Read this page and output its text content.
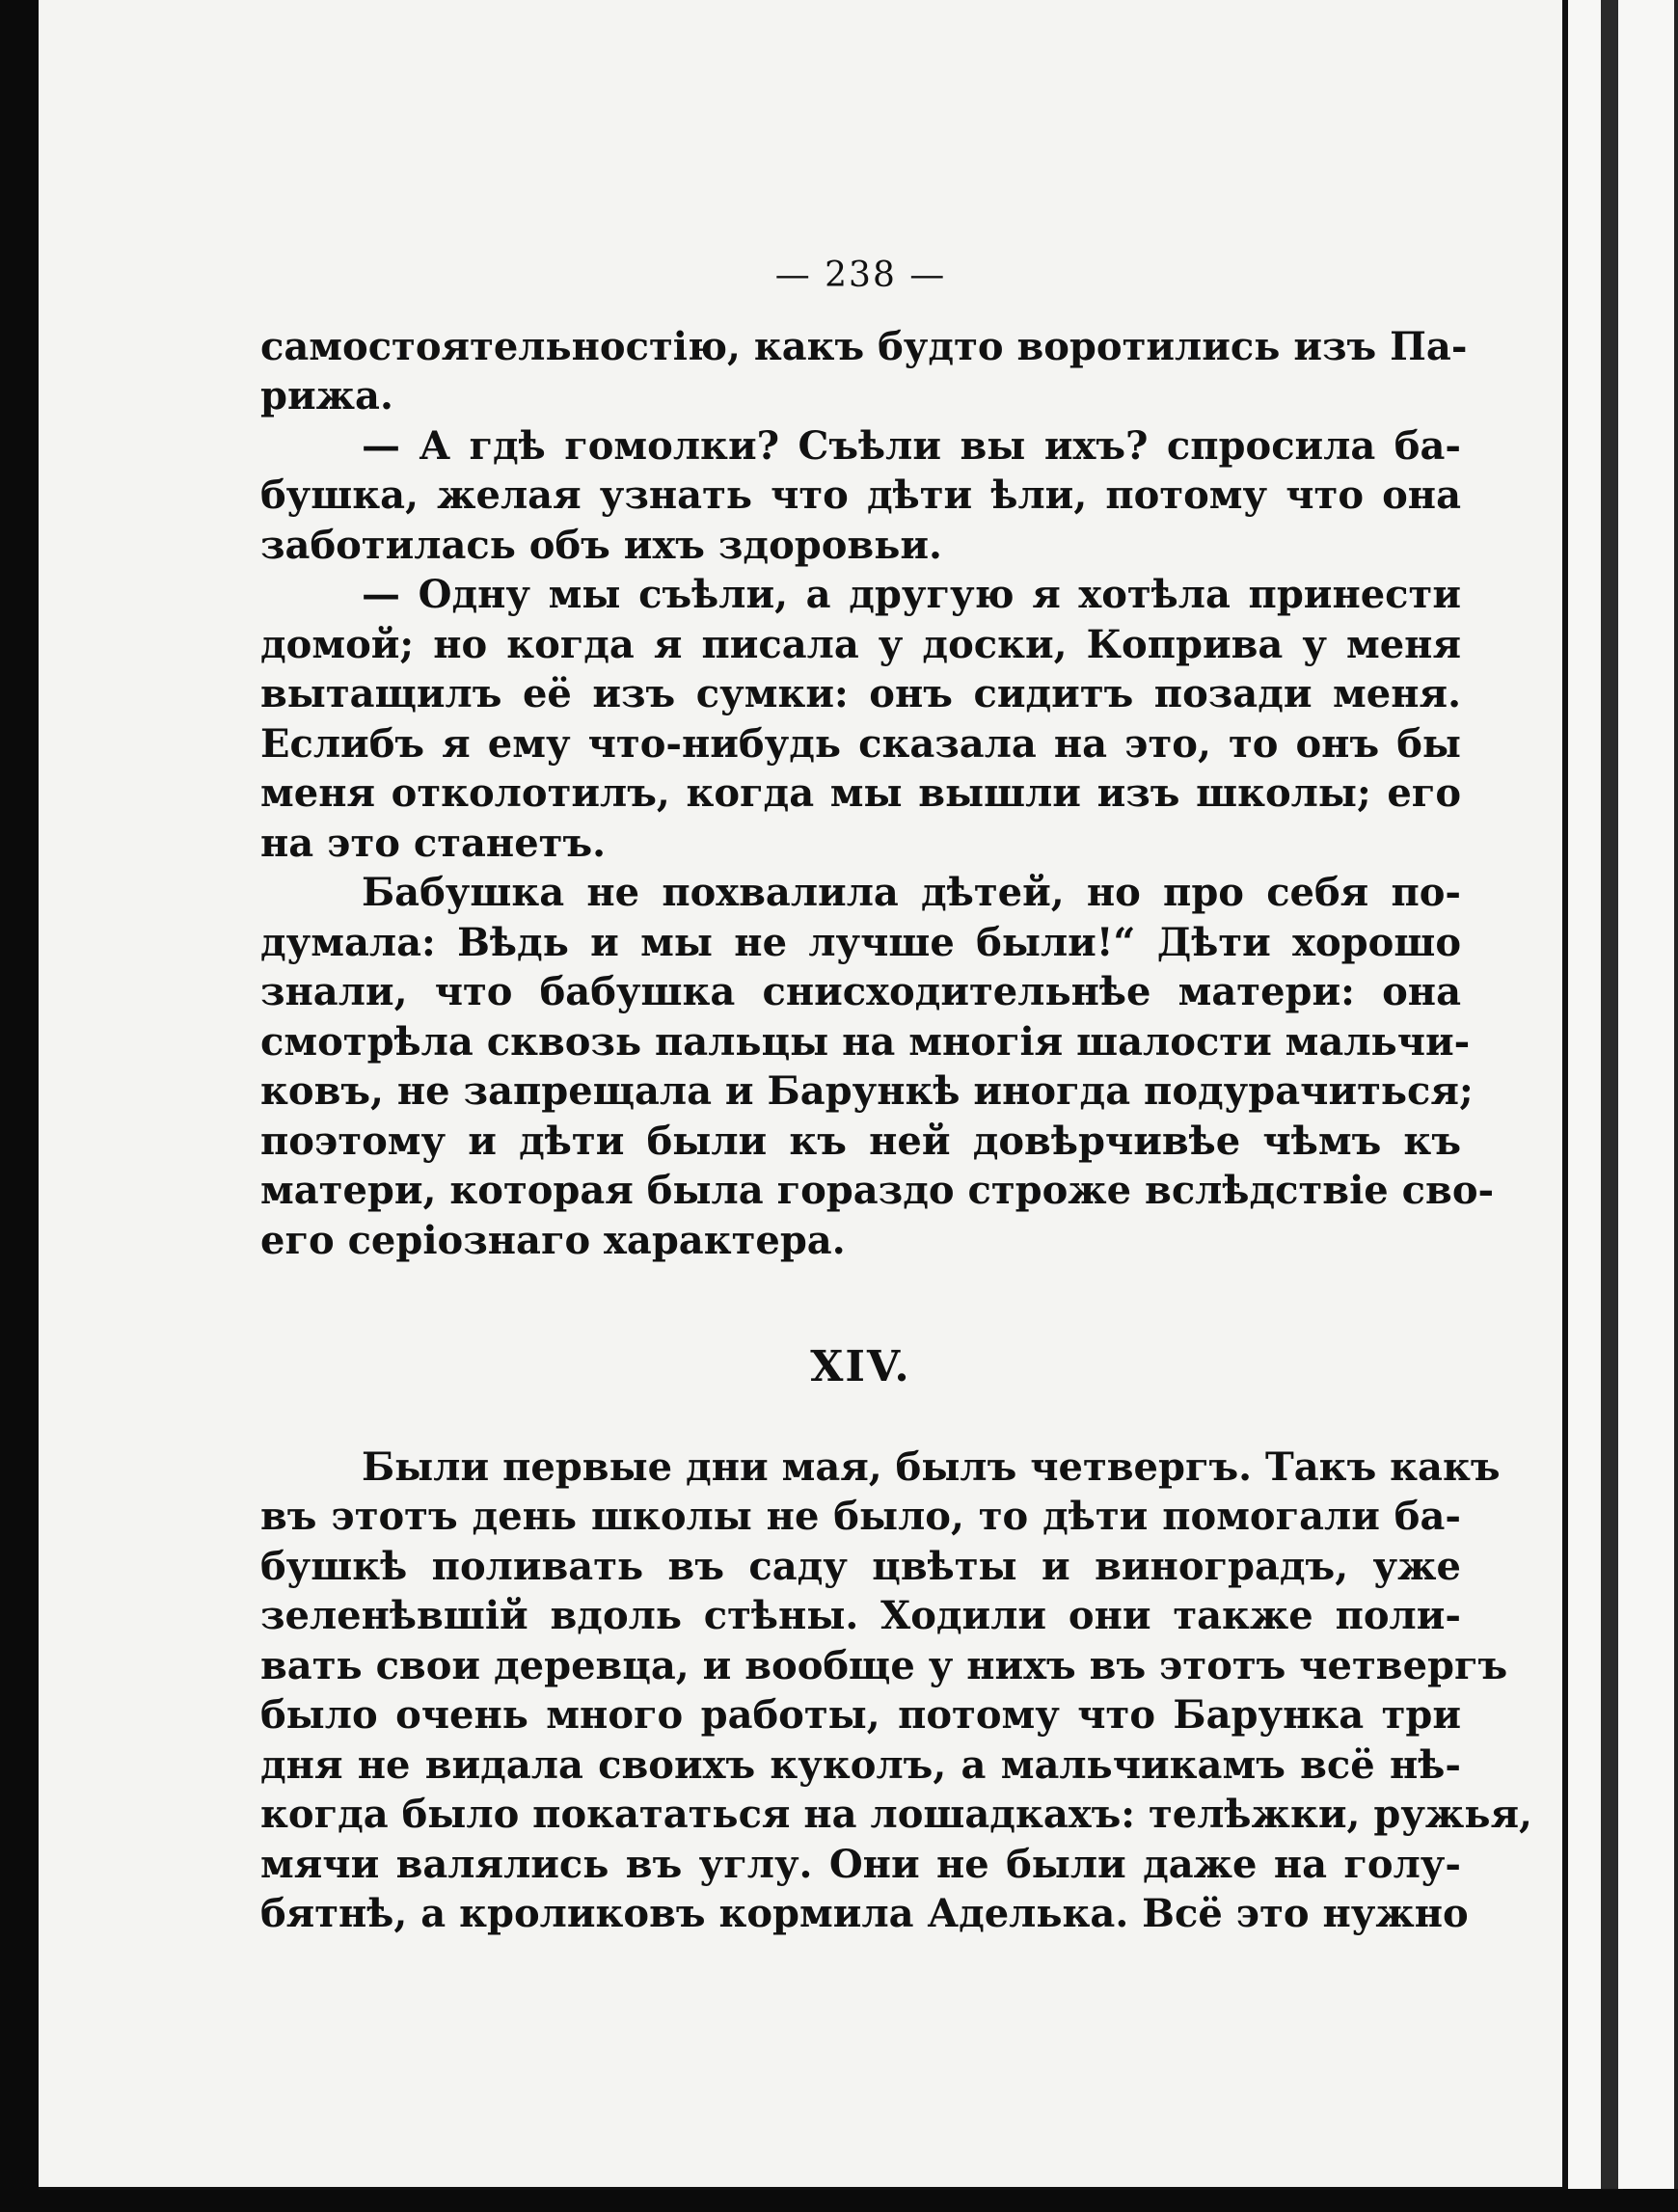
— 238 —
самостоятельностію, какъ будто воротились изъ Па-
рижа.
— А гдѣ гомолки? Съѣли вы ихъ? спросила ба-
бушка, желая узнать что дѣти ѣли, потому что она
заботилась объ ихъ здоровьи.
— Одну мы съѣли, а другую я хотѣла принести
домой; но когда я писала у доски, Коприва у меня
вытащилъ её изъ сумки: онъ сидитъ позади меня.
Еслибъ я ему что-нибудь сказала на это, то онъ бы
меня отколотилъ, когда мы вышли изъ школы; его
на это станетъ.
Бабушка не похвалила дѣтей, но про себя по-
думала: Вѣдь и мы не лучше были!“ Дѣти хорошо
знали, что бабушка снисходительнѣе матери: она
смотрѣла сквозь пальцы на многія шалости мальчи-
ковъ, не запрещала и Барункѣ иногда подурачиться;
поэтому и дѣти были къ ней довѣрчивѣе чѣмъ къ
матери, которая была гораздо строже вслѣдствіе сво-
его серіознаго характера.
XIV.
Были первые дни мая, былъ четвергъ. Такъ какъ
въ этотъ день школы не было, то дѣти помогали ба-
бушкѣ поливать въ саду цвѣты и виноградъ, уже
зеленѣвшій вдоль стѣны. Ходили они также поли-
вать свои деревца, и вообще у нихъ въ этотъ четвергъ
было очень много работы, потому что Барунка три
дня не видала своихъ куколъ, а мальчикамъ всё нѣ-
когда было покататься на лошадкахъ: телѣжки, ружья,
мячи валялись въ углу. Они не были даже на голу-
бятнѣ, а кроликовъ кормила Аделька. Всё это нужно
